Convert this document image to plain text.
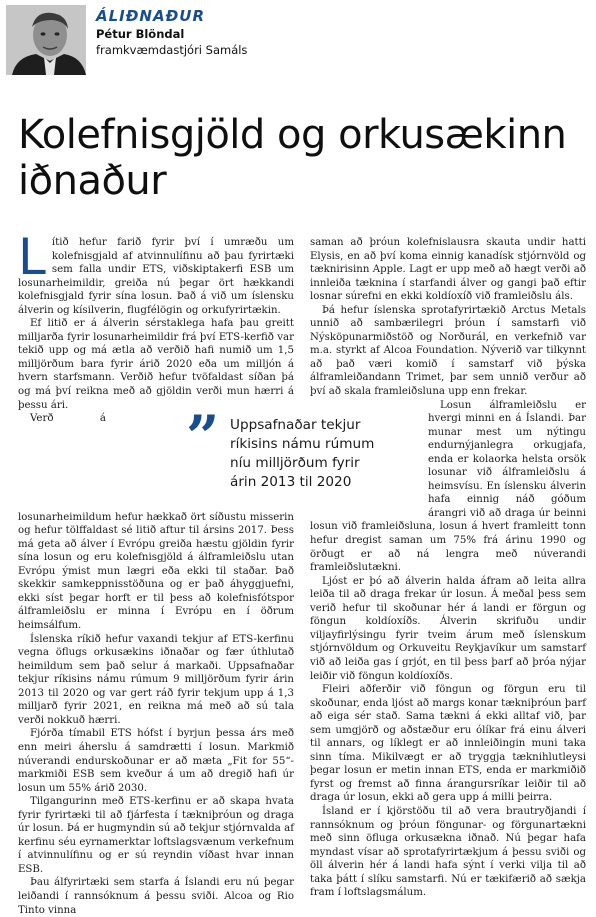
ÁLIÐNAÐUR
Pétur Blöndal
framkvæmdastjóri Samáls
Kolefnisgjöld og orkusækinn iðnaður

Lítið hefur farið fyrir því í umræðu um kolefnisgjald af atvinnulífinu að þau fyrirtæki sem falla undir ETS, viðskiptakerfi ESB um losunarheimildir, greiða nú þegar ört hækkandi kolefnisgjald fyrir sína losun. Það á við um íslensku álverin og kísilverin, flugfélögin og orkufyrirtækin.

Ef litið er á álverin sérstaklega hafa þau greitt milljarða fyrir losunarheimildir frá því ETS-kerfið var tekið upp og má ætla að verðið hafi numið um 1,5 milljörðum bara fyrir árið 2020 eða um milljón á hvern starfsmann. Verðið hefur tvöfaldast síðan þá og má því reikna með að gjöldin verði mun hærri á þessu ári.

Verð á losunarheimildum hefur hækkað ört síðustu misserin og hefur tölffaldast sé litið aftur til ársins 2017. Þess má geta að álver í Evrópu greiða hæstu gjöldin fyrir sína losun og eru kolefnisgjöld á álframleiðslu utan Evrópu ýmist mun lægri eða ekki til staðar. Það skekkir samkeppnisstöðuna og er það áhyggjuefni, ekki síst þegar horft er til þess að kolefnisfótspor álframleiðslu er minna í Evrópu en í öðrum heimsálfum.

Íslenska ríkið hefur vaxandi tekjur af ETS-kerfinu vegna öflugs orkusækins iðnaðar og fær úthlutað heimildum sem það selur á markaði. Uppsafnaðar tekjur ríkisins námu rúmum 9 milljörðum fyrir árin 2013 til 2020 og var gert ráð fyrir tekjum upp á 1,3 milljarð fyrir 2021, en reikna má með að sú tala verði nokkuð hærri.

Fjórða tímabil ETS hófst í byrjun þessa árs með enn meiri áherslu á samdrætti í losun. Markmið núverandi endurskoðunar er að mæta „Fit for 55“-markmiði ESB sem kveður á um að dregið hafi úr losun um 55% árið 2030.

Tilgangurinn með ETS-kerfinu er að skapa hvata fyrir fyrirtæki til að fjárfesta í tækniþróun og draga úr losun. Þá er hugmyndin sú að tekjur stjórnvalda af kerfinu séu eyrnamerktar loftslagsvænum verkefnum í atvinnulífinu og er sú reyndin víðast hvar innan ESB.

Þau álfyrirtæki sem starfa á Íslandi eru nú þegar leiðandi í rannsóknum á þessu sviði. Alcoa og Rio Tinto vinna

saman að þróun kolefnislausra skauta undir hatti Elysis, en að því koma einnig kanadísk stjórnvöld og tæknirisinn Apple. Lagt er upp með að hægt verði að innleiða tæknina í starfandi álver og gangi það eftir losnar súrefni en ekki koldíoxíð við framleiðslu áls.

Þá hefur íslenska sprotafyrirtækið Arctus Metals unnið að sambærilegri þróun í samstarfi við Nýsköpunarmiðstöð og Norðurál, en verkefnið var m.a. styrkt af Alcoa Foundation. Nýverið var tilkynnt að það væri komið í samstarf við þýska álframleiðandann Trimet, þar sem unnið verður að því að skala framleiðsluna upp enn frekar.

Losun álframleiðslu er hvergi minni en á Íslandi. Þar munar mest um nýtingu endurnýjanlegra orkugjafa, enda er kolaorka helsta orsök losunar við álframleiðslu á heimsvísu. En íslensku álverin hafa einnig náð góðum árangri við að draga úr beinni losun við framleiðsluna, losun á hvert framleitt tonn hefur dregist saman um 75% frá árinu 1990 og örðugt er að ná lengra með núverandi framleiðslutækni.

Ljóst er þó að álverin halda áfram að leita allra leiða til að draga frekar úr losun. Á meðal þess sem verið hefur til skoðunar hér á landi er förgun og föngun koldíoxíðs. Álverin skrifuðu undir viljayfirlýsingu fyrir tveim árum með íslenskum stjórnvöldum og Orkuveitu Reykjavíkur um samstarf við að leiða gas í grjót, en til þess þarf að þróa nýjar leiðir við föngun koldíoxíðs.

Fleiri aðferðir við föngun og förgun eru til skoðunar, enda ljóst að margs konar tækniþróun þarf að eiga sér stað. Sama tækni á ekki alltaf við, þar sem umgjörð og aðstæður eru ólíkar frá einu álveri til annars, og líklegt er að innleiðingin muni taka sinn tíma. Mikilvægt er að tryggja tæknihlutleysi þegar losun er metin innan ETS, enda er markmiðið fyrst og fremst að finna árangursríkar leiðir til að draga úr losun, ekki að gera upp á milli þeirra.

Ísland er í kjörstöðu til að vera brautryðjandi í rannsóknum og þróun föngunar- og förgunartækni með sinn öfluga orkusækna iðnað. Nú þegar hafa myndast vísar að sprotafyrirtækjum á þessu sviði og öll álverin hér á landi hafa sýnt í verki vilja til að taka þátt í slíku samstarfi. Nú er tækifærið að sækja fram í loftslagsmálum.

” Uppsafnaðar tekjur ríkisins námu rúmum níu milljörðum fyrir árin 2013 til 2020
